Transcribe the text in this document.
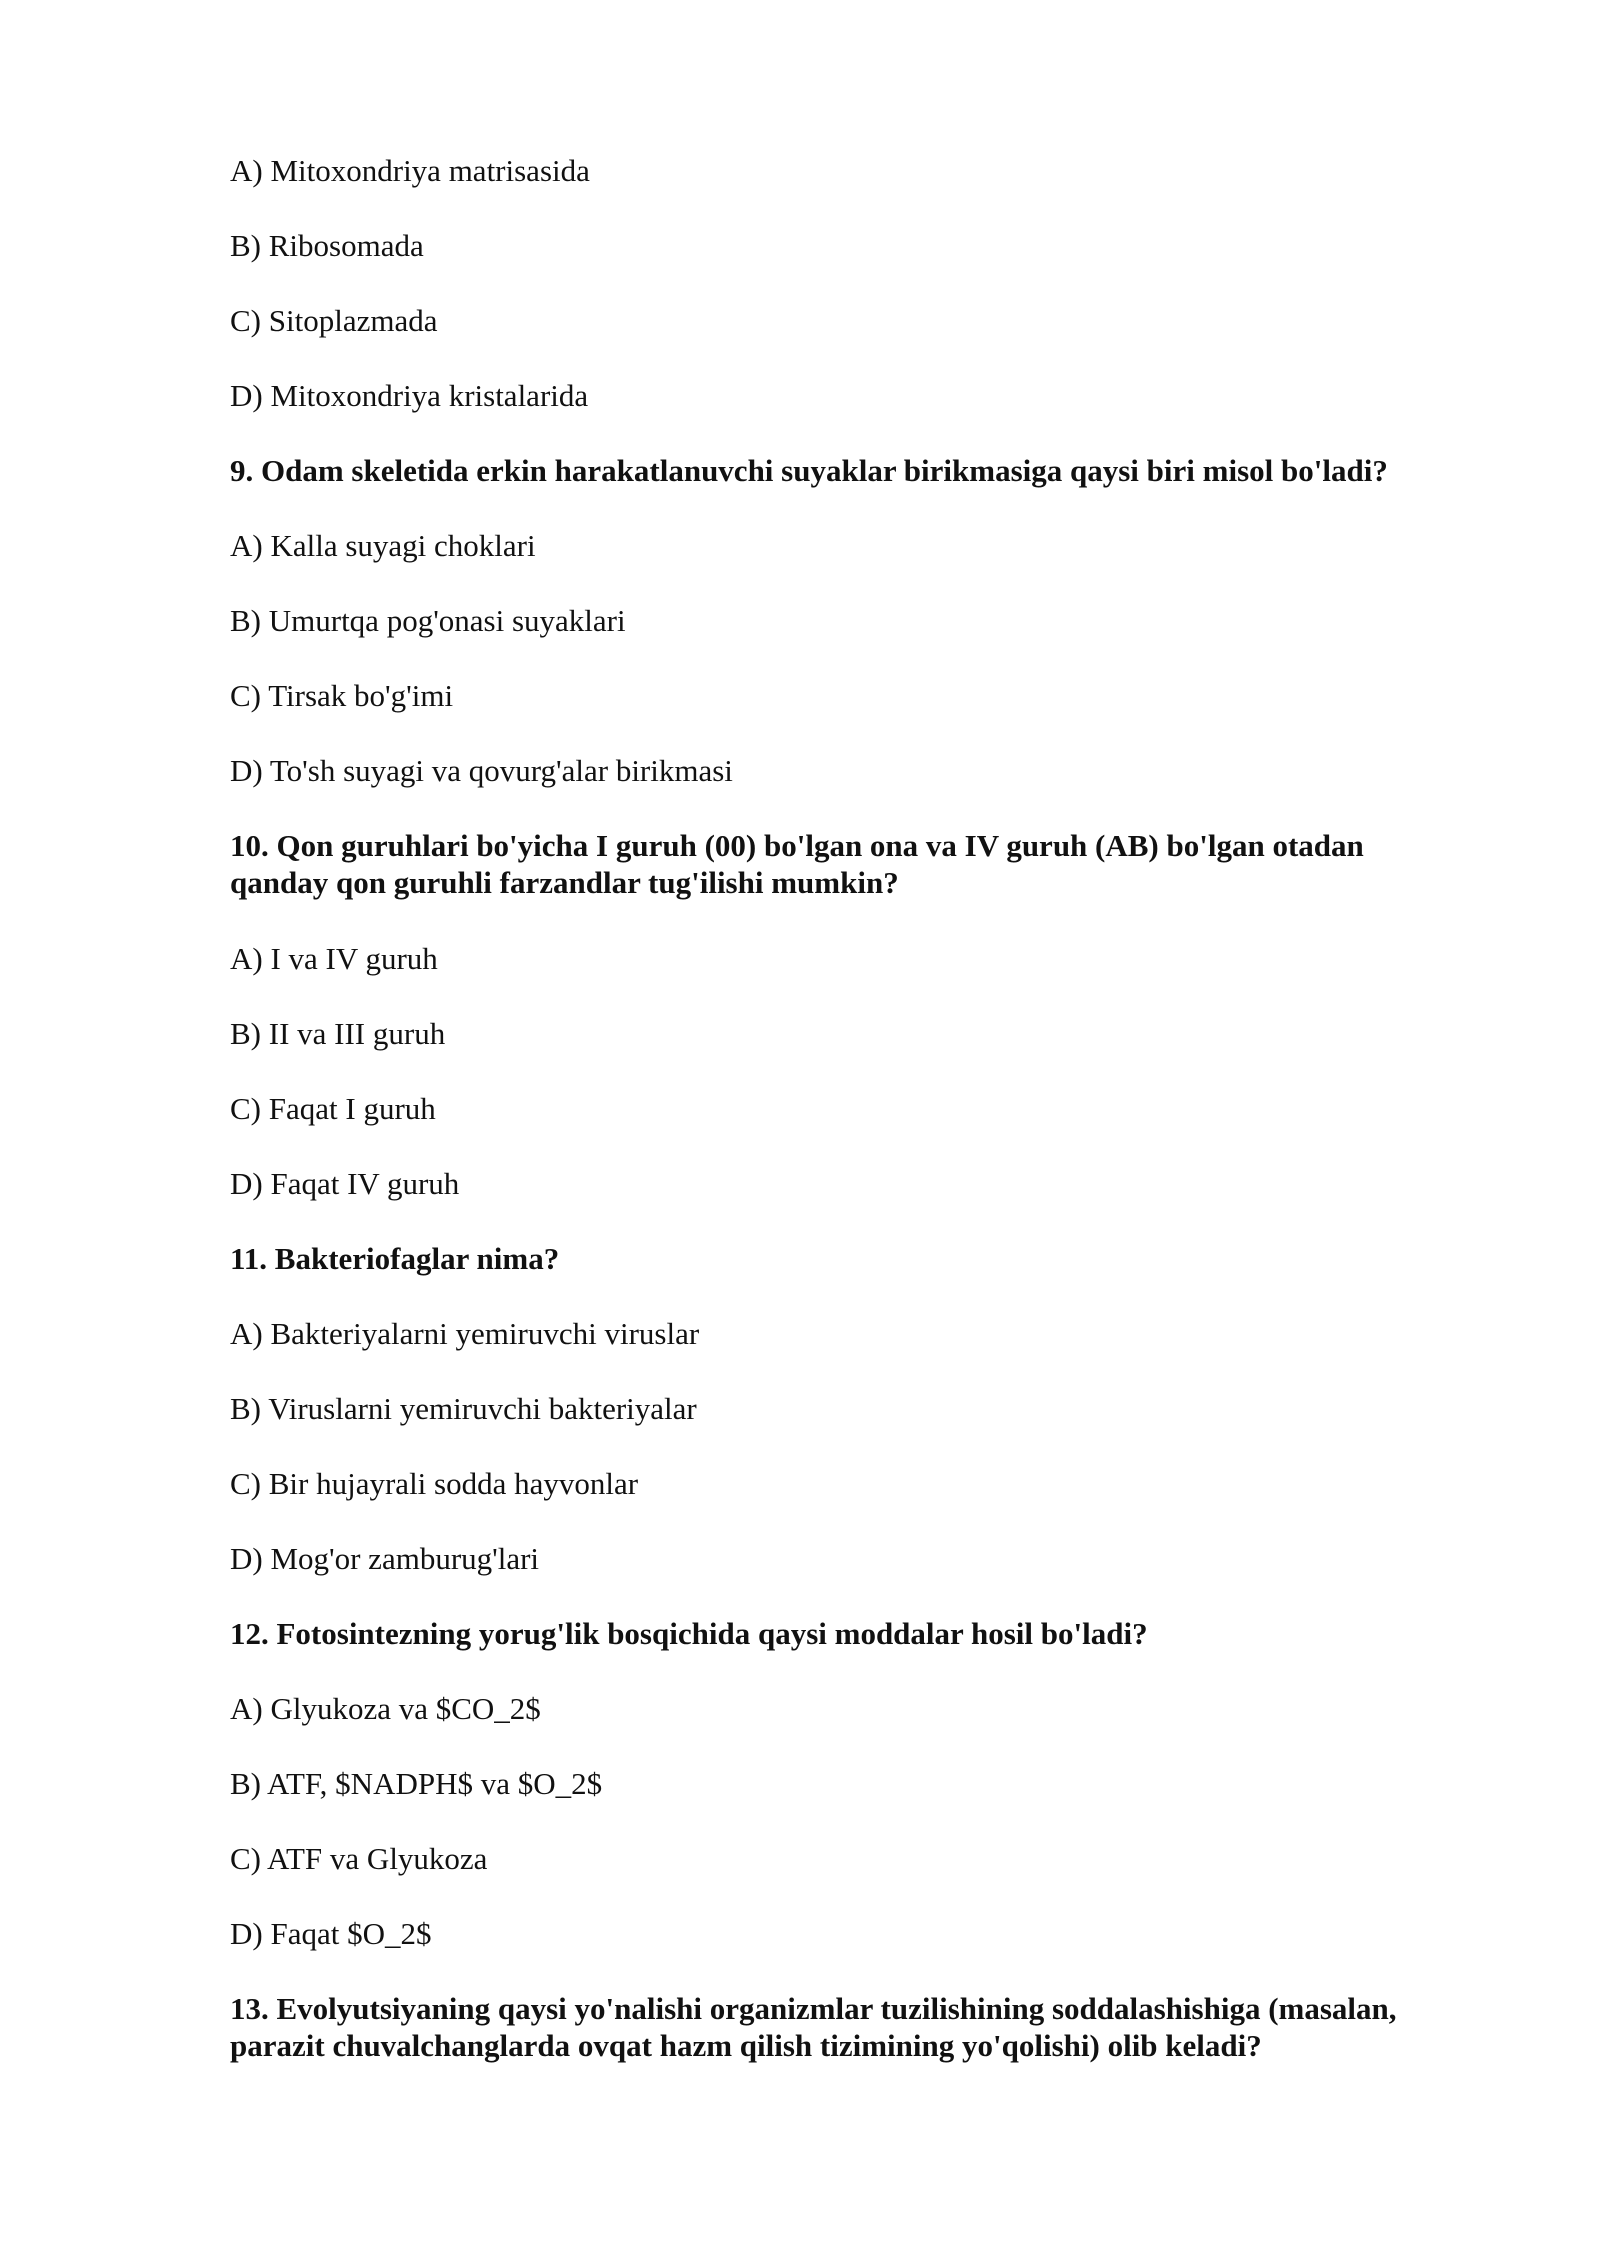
A) Mitoxondriya matrisasida
B) Ribosomada
C) Sitoplazmada
D) Mitoxondriya kristalarida
9. Odam skeletida erkin harakatlanuvchi suyaklar birikmasiga qaysi biri misol bo'ladi?
A) Kalla suyagi choklari
B) Umurtqa pog'onasi suyaklari
C) Tirsak bo'g'imi
D) To'sh suyagi va qovurg'alar birikmasi
10. Qon guruhlari bo'yicha I guruh (00) bo'lgan ona va IV guruh (AB) bo'lgan otadan
qanday qon guruhli farzandlar tug'ilishi mumkin?
A) I va IV guruh
B) II va III guruh
C) Faqat I guruh
D) Faqat IV guruh
11. Bakteriofaglar nima?
A) Bakteriyalarni yemiruvchi viruslar
B) Viruslarni yemiruvchi bakteriyalar
C) Bir hujayrali sodda hayvonlar
D) Mog'or zamburug'lari
12. Fotosintezning yorug'lik bosqichida qaysi moddalar hosil bo'ladi?
A) Glyukoza va $CO_2$
B) ATF, $NADPH$ va $O_2$
C) ATF va Glyukoza
D) Faqat $O_2$
13. Evolyutsiyaning qaysi yo'nalishi organizmlar tuzilishining soddalashishiga (masalan,
parazit chuvalchanglarda ovqat hazm qilish tizimining yo'qolishi) olib keladi?
